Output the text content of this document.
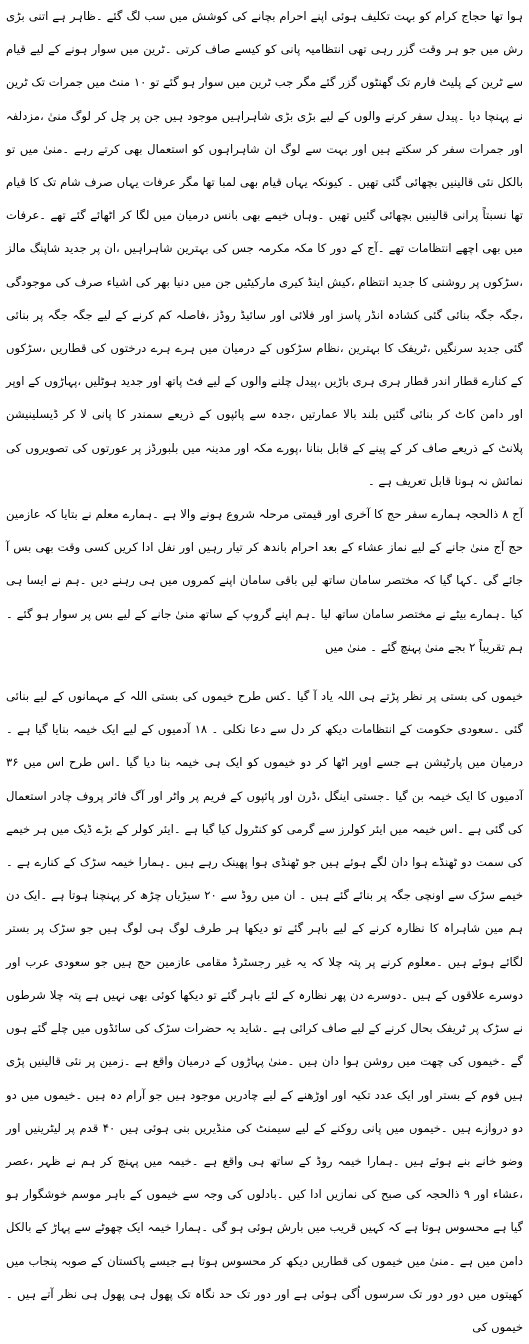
ہوا تھا حجاج کرام کو بہت تکلیف ہوئی اپنے احرام بچانے کی کوشش میں سب لگ گئے ۔ظاہر ہے اتنی بڑی رش میں جو ہر وقت گزر رہی تھی انتظامیہ پانی کو کیسے صاف کرتی ۔ٹرین میں سوار ہونے کے لیے قیام سے ٹرین کے پلیٹ فارم تک گھنٹوں گزر گئے مگر جب ٹرین میں سوار ہو گئے تو ۱۰ منٹ میں جمرات تک ٹرین نے پہنچا دیا ۔پیدل سفر کرنے والوں کے لیے بڑی بڑی شاہراہیں موجود ہیں جن پر چل کر لوگ منیٰ ،مزدلفہ اور جمرات سفر کر سکتے ہیں اور بہت سے لوگ ان شاہراہوں کو استعمال بھی کرتے رہے ۔منیٰ میں تو بالکل نئی قالینیں بچھائی گئی تھیں ۔ کیونکہ یہاں قیام بھی لمبا تھا مگر عرفات یہاں صرف شام تک کا قیام تھا نسبتاً پرانی قالینیں بچھائی گئیں تھیں ۔وہاں خیمے بھی بانس درمیان میں لگا کر اٹھائے گئے تھے ۔عرفات میں بھی اچھے انتظامات تھے ۔آج کے دور کا مکہ مکرمہ جس کی بہترین شاہراہیں ،ان پر جدید شاپنگ مالز ،سڑکوں پر روشنی کا جدید انتظام ،کیش اینڈ کیری مارکیٹیں جن میں دنیا بھر کی اشیاء صرف کی موجودگی ،جگہ جگہ بنائی گئی کشادہ انڈر پاسز اور فلائی اور سائیڈ روڈز ،فاصلہ کم کرنے کے لیے جگہ جگہ پر بنائی گئی جدید سرنگیں ،ٹریفک کا بہترین ،نظام سڑکوں کے درمیان میں ہرے ہرے درختوں کی قطاریں ،سڑکوں کے کنارے قطار اندر قطار ہری ہری باڑیں ،پیدل چلنے والوں کے لیے فٹ پاتھ اور جدید ہوٹلیں ،پہاڑوں کے اوپر اور دامن کاٹ کر بنائی گئیں بلند بالا عمارتیں ،جدہ سے پائپوں کے ذریعے سمندر کا پانی لا کر ڈیسلینیشن پلانٹ کے ذریعے صاف کر کے پینے کے قابل بنانا ،پورے مکہ اور مدینہ میں بلبورڈز پر عورتوں کی تصویروں کی نمائش نہ ہونا قابل تعریف ہے ۔

آج ۸ ذالحجہ ہمارے سفر حج کا آخری اور قیمتی مرحلہ شروع ہونے والا ہے ۔ہمارے معلم نے بتایا کہ عازمین حج آج منیٰ جانے کے لیے نماز عشاء کے بعد احرام باندھ کر تیار رہیں اور نفل ادا کریں کسی وقت بھی بس آ جائے گی ۔کہا گیا کہ مختصر سامان ساتھ لیں باقی سامان اپنے کمروں میں ہی رہنے دیں ۔ہم نے ایسا ہی کیا ۔ہمارے بیٹے نے مختصر سامان ساتھ لیا ۔ہم اپنے گروپ کے ساتھ منیٰ جانے کے لیے بس پر سوار ہو گئے ۔ہم تقریباً ۲ بجے منیٰ پہنچ گئے ۔ منیٰ میں

خیموں کی بستی پر نظر پڑتے ہی اللہ یاد آ گیا ۔کس طرح خیموں کی بستی اللہ کے مہمانوں کے لیے بنائی گئی ۔سعودی حکومت کے انتظامات دیکھ کر دل سے دعا نکلی ۔ ۱۸ آدمیوں کے لیے ایک خیمہ بنایا گیا ہے ۔درمیان میں پارٹیشن ہے جسے اوپر اٹھا کر دو خیموں کو ایک ہی خیمہ بنا دیا گیا ۔اس طرح اس میں ۳۶ آدمیوں کا ایک خیمہ بن گیا ۔جستی اینگل ،ڈرن اور پائپوں کے فریم پر واٹر اور آگ فائر پروف چادر استعمال کی گئی ہے ۔اس خیمہ میں ایئر کولرز سے گرمی کو کنٹرول کیا گیا ہے ۔ایئر کولر کے بڑے ڈیک میں ہر خیمے کی سمت دو ٹھنڈے ہوا دان لگے ہوئے ہیں جو ٹھنڈی ہوا پھینک رہے ہیں ۔ہمارا خیمہ سڑک کے کنارے ہے ۔خیمے سڑک سے اونچی جگہ پر بنائے گئے ہیں ۔ ان میں روڈ سے ۲۰ سیڑیاں چڑھ کر پہنچنا ہوتا ہے ۔ایک دن ہم مین شاہراہ کا نظارہ کرنے کے لیے باہر گئے تو دیکھا ہر طرف لوگ ہی لوگ ہیں جو سڑک پر بستر لگائے ہوئے ہیں ۔معلوم کرنے پر پتہ چلا کہ یہ غیر رجسٹرڈ مقامی عازمین حج ہیں جو سعودی عرب اور دوسرے علاقوں کے ہیں ۔دوسرے دن پھر نظارہ کے لئے باہر گئے تو دیکھا کوئی بھی نہیں ہے پتہ چلا شرطوں نے سڑک پر ٹریفک بحال کرنے کے لیے صاف کرائی ہے ۔شاید یہ حضرات سڑک کی سائڈوں میں چلے گئے ہوں گے ۔خیموں کی چھت میں روشن ہوا دان ہیں ۔منیٰ پہاڑوں کے درمیان واقع ہے ۔زمین پر نئی قالینیں پڑی ہیں فوم کے بستر اور ایک عدد تکیہ اور اوڑھنے کے لیے چادریں موجود ہیں جو آرام دہ ہیں ۔خیموں میں دو دو دروازے ہیں ۔خیموں میں پانی روکنے کے لیے سیمنٹ کی منڈیریں بنی ہوئی ہیں ۴۰ قدم پر لیٹرینیں اور وضو خانے بنے ہوئے ہیں ۔ہمارا خیمہ روڈ کے ساتھ ہی واقع ہے ۔خیمہ میں پہنچ کر ہم نے ظہر ،عصر ،عشاء اور ۹ ذالحجہ کی صبح کی نمازیں ادا کیں ۔بادلوں کی وجہ سے خیموں کے باہر موسم خوشگوار ہو گیا ہے محسوس ہوتا ہے کہ کہیں قریب میں بارش ہوئی ہو گی ۔ہمارا خیمہ ایک چھوٹے سے پہاڑ کے بالکل دامن میں ہے ۔منیٰ میں خیموں کی قطاریں دیکھ کر محسوس ہوتا ہے جیسے پاکستان کے صوبہ پنجاب میں کھیتوں میں دور دور تک سرسوں اُگی ہوئی ہے اور دور تک حد نگاہ تک پھول ہی پھول ہی نظر آتے ہیں ۔خیموں کی
